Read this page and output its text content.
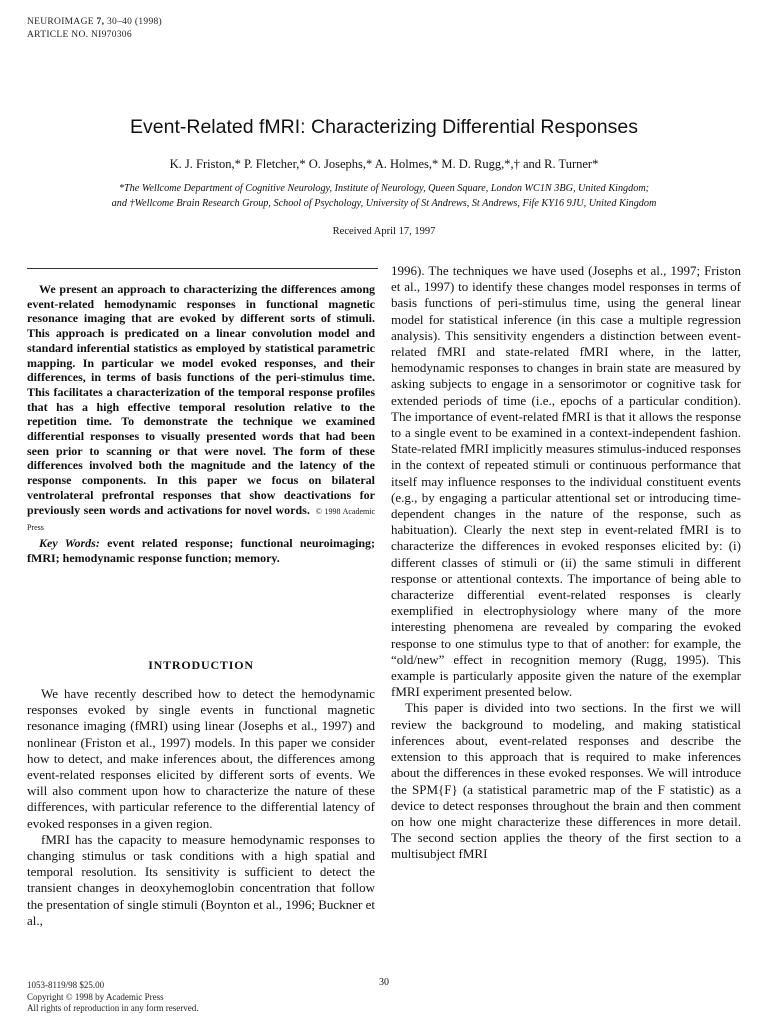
NEUROIMAGE 7, 30–40 (1998)
ARTICLE NO. NI970306
Event-Related fMRI: Characterizing Differential Responses
K. J. Friston,* P. Fletcher,* O. Josephs,* A. Holmes,* M. D. Rugg,*,† and R. Turner*
*The Wellcome Department of Cognitive Neurology, Institute of Neurology, Queen Square, London WC1N 3BG, United Kingdom;
and †Wellcome Brain Research Group, School of Psychology, University of St Andrews, St Andrews, Fife KY16 9JU, United Kingdom
Received April 17, 1997

We present an approach to characterizing the differences among event-related hemodynamic responses in functional magnetic resonance imaging that are evoked by different sorts of stimuli. This approach is predicated on a linear convolution model and standard inferential statistics as employed by statistical parametric mapping. In particular we model evoked responses, and their differences, in terms of basis functions of the peri-stimulus time. This facilitates a characterization of the temporal response profiles that has a high effective temporal resolution relative to the repetition time. To demonstrate the technique we examined differential responses to visually presented words that had been seen prior to scanning or that were novel. The form of these differences involved both the magnitude and the latency of the response components. In this paper we focus on bilateral ventrolateral prefrontal responses that show deactivations for previously seen words and activations for novel words. © 1998 Academic Press

Key Words: event related response; functional neuroimaging; fMRI; hemodynamic response function; memory.

INTRODUCTION

We have recently described how to detect the hemodynamic responses evoked by single events in functional magnetic resonance imaging (fMRI) using linear (Josephs et al., 1997) and nonlinear (Friston et al., 1997) models. In this paper we consider how to detect, and make inferences about, the differences among event-related responses elicited by different sorts of events. We will also comment upon how to characterize the nature of these differences, with particular reference to the differential latency of evoked responses in a given region.

fMRI has the capacity to measure hemodynamic responses to changing stimulus or task conditions with a high spatial and temporal resolution. Its sensitivity is sufficient to detect the transient changes in deoxyhemoglobin concentration that follow the presentation of single stimuli (Boynton et al., 1996; Buckner et al.,

1996). The techniques we have used (Josephs et al., 1997; Friston et al., 1997) to identify these changes model responses in terms of basis functions of peri-stimulus time, using the general linear model for statistical inference (in this case a multiple regression analysis). This sensitivity engenders a distinction between event-related fMRI and state-related fMRI where, in the latter, hemodynamic responses to changes in brain state are measured by asking subjects to engage in a sensorimotor or cognitive task for extended periods of time (i.e., epochs of a particular condition). The importance of event-related fMRI is that it allows the response to a single event to be examined in a context-independent fashion. State-related fMRI implicitly measures stimulus-induced responses in the context of repeated stimuli or continuous performance that itself may influence responses to the individual constituent events (e.g., by engaging a particular attentional set or introducing time-dependent changes in the nature of the response, such as habituation). Clearly the next step in event-related fMRI is to characterize the differences in evoked responses elicited by: (i) different classes of stimuli or (ii) the same stimuli in different response or attentional contexts. The importance of being able to characterize differential event-related responses is clearly exemplified in electrophysiology where many of the more interesting phenomena are revealed by comparing the evoked response to one stimulus type to that of another: for example, the “old/new” effect in recognition memory (Rugg, 1995). This example is particularly apposite given the nature of the exemplar fMRI experiment presented below.

This paper is divided into two sections. In the first we will review the background to modeling, and making statistical inferences about, event-related responses and describe the extension to this approach that is required to make inferences about the differences in these evoked responses. We will introduce the SPM{F} (a statistical parametric map of the F statistic) as a device to detect responses throughout the brain and then comment on how one might characterize these differences in more detail. The second section applies the theory of the first section to a multisubject fMRI

30
1053-8119/98 $25.00
Copyright © 1998 by Academic Press
All rights of reproduction in any form reserved.
